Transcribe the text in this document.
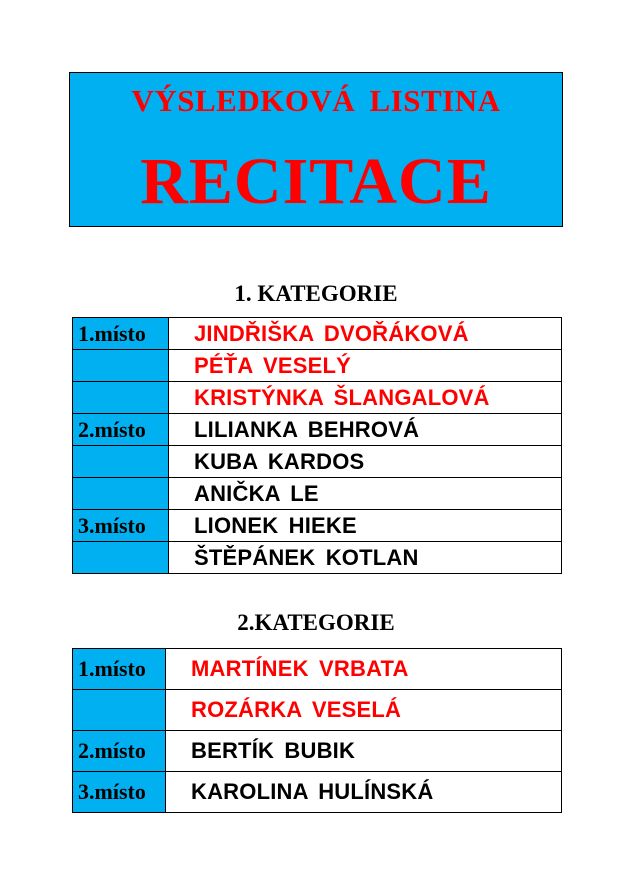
VÝSLEDKOVÁ LISTINA
RECITACE
1. KATEGORIE
1.místo	JINDŘIŠKA DVOŘÁKOVÁ
	PÉŤA VESELÝ
	KRISTÝNKA ŠLANGALOVÁ
2.místo	LILIANKA BEHROVÁ
	KUBA KARDOS
	ANIČKA LE
3.místo	LIONEK HIEKE
	ŠTĚPÁNEK KOTLAN
2.KATEGORIE
1.místo	MARTÍNEK VRBATA
	ROZÁRKA VESELÁ
2.místo	BERTÍK BUBIK
3.místo	KAROLINA HULÍNSKÁ
